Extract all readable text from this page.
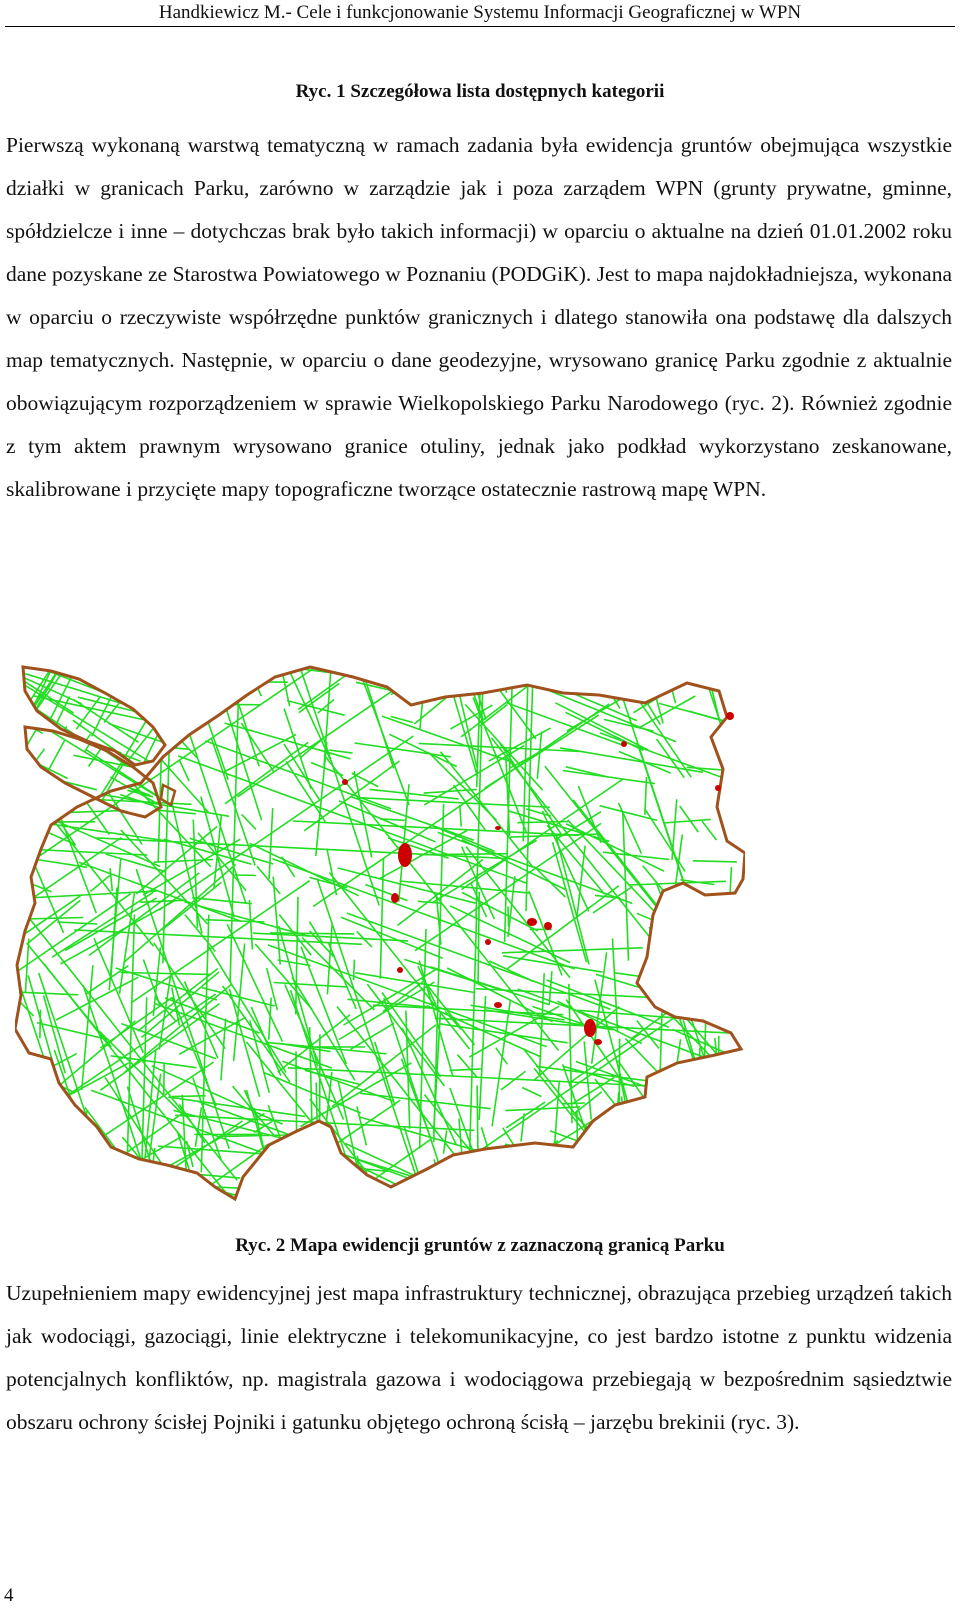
Handkiewicz M.- Cele i funkcjonowanie Systemu Informacji Geograficznej w WPN
Ryc. 1 Szczegółowa lista dostępnych kategorii

Pierwszą wykonaną warstwą tematyczną w ramach zadania była ewidencja gruntów obejmująca wszystkie działki w granicach Parku, zarówno w zarządzie jak i poza zarządem WPN (grunty prywatne, gminne, spółdzielcze i inne – dotychczas brak było takich informacji) w oparciu o aktualne na dzień 01.01.2002 roku dane pozyskane ze Starostwa Powiatowego w Poznaniu (PODGiK). Jest to mapa najdokładniejsza, wykonana w oparciu o rzeczywiste współrzędne punktów granicznych i dlatego stanowiła ona podstawę dla dalszych map tematycznych. Następnie, w oparciu o dane geodezyjne, wrysowano granicę Parku zgodnie z aktualnie obowiązującym rozporządzeniem w sprawie Wielkopolskiego Parku Narodowego (ryc. 2). Również zgodnie z tym aktem prawnym wrysowano granice otuliny, jednak jako podkład wykorzystano zeskanowane, skalibrowane i przycięte mapy topograficzne tworzące ostatecznie rastrową mapę WPN.

Ryc. 2 Mapa ewidencji gruntów z zaznaczoną granicą Parku

Uzupełnieniem mapy ewidencyjnej jest mapa infrastruktury technicznej, obrazująca przebieg urządzeń takich jak wodociągi, gazociągi, linie elektryczne i telekomunikacyjne, co jest bardzo istotne z punktu widzenia potencjalnych konfliktów, np. magistrala gazowa i wodociągowa przebiegają w bezpośrednim sąsiedztwie obszaru ochrony ścisłej Pojniki i gatunku objętego ochroną ścisłą – jarzębu brekinii (ryc. 3).

4
